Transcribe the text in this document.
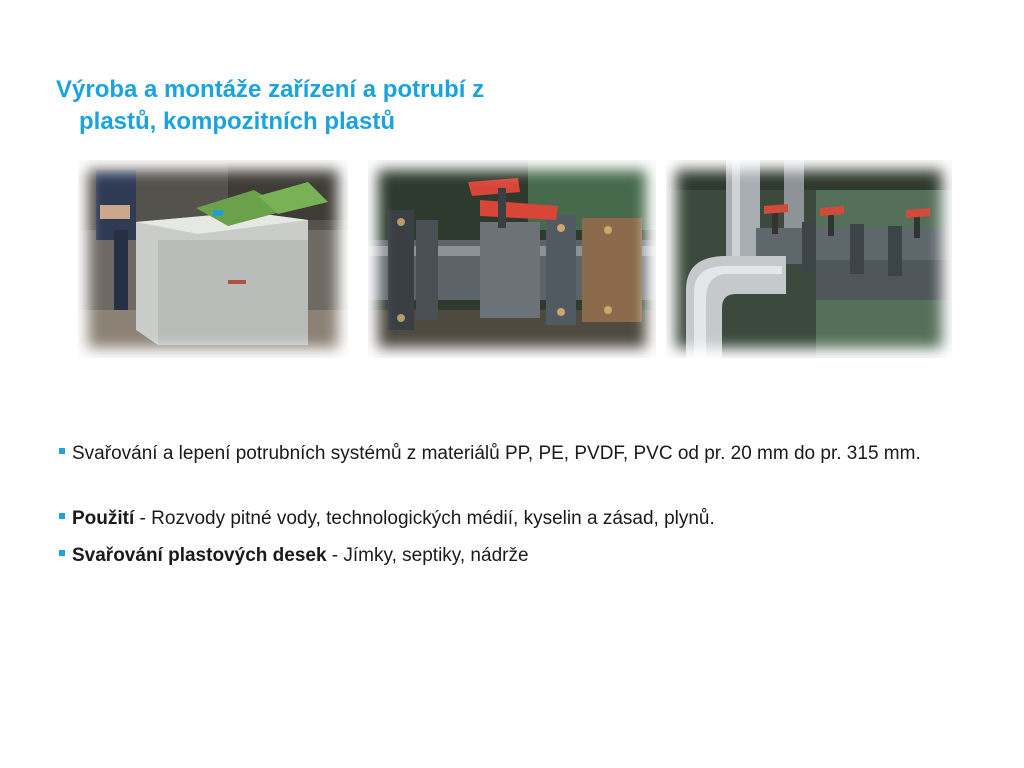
Výroba a montáže zařízení a potrubí z
plastů, kompozitních plastů

Svařování a lepení potrubních systémů z materiálů PP, PE, PVDF, PVC od pr. 20 mm do pr. 315 mm.

Použití - Rozvody pitné vody, technologických médií, kyselin a zásad, plynů.

Svařování plastových desek - Jímky, septiky, nádrže
